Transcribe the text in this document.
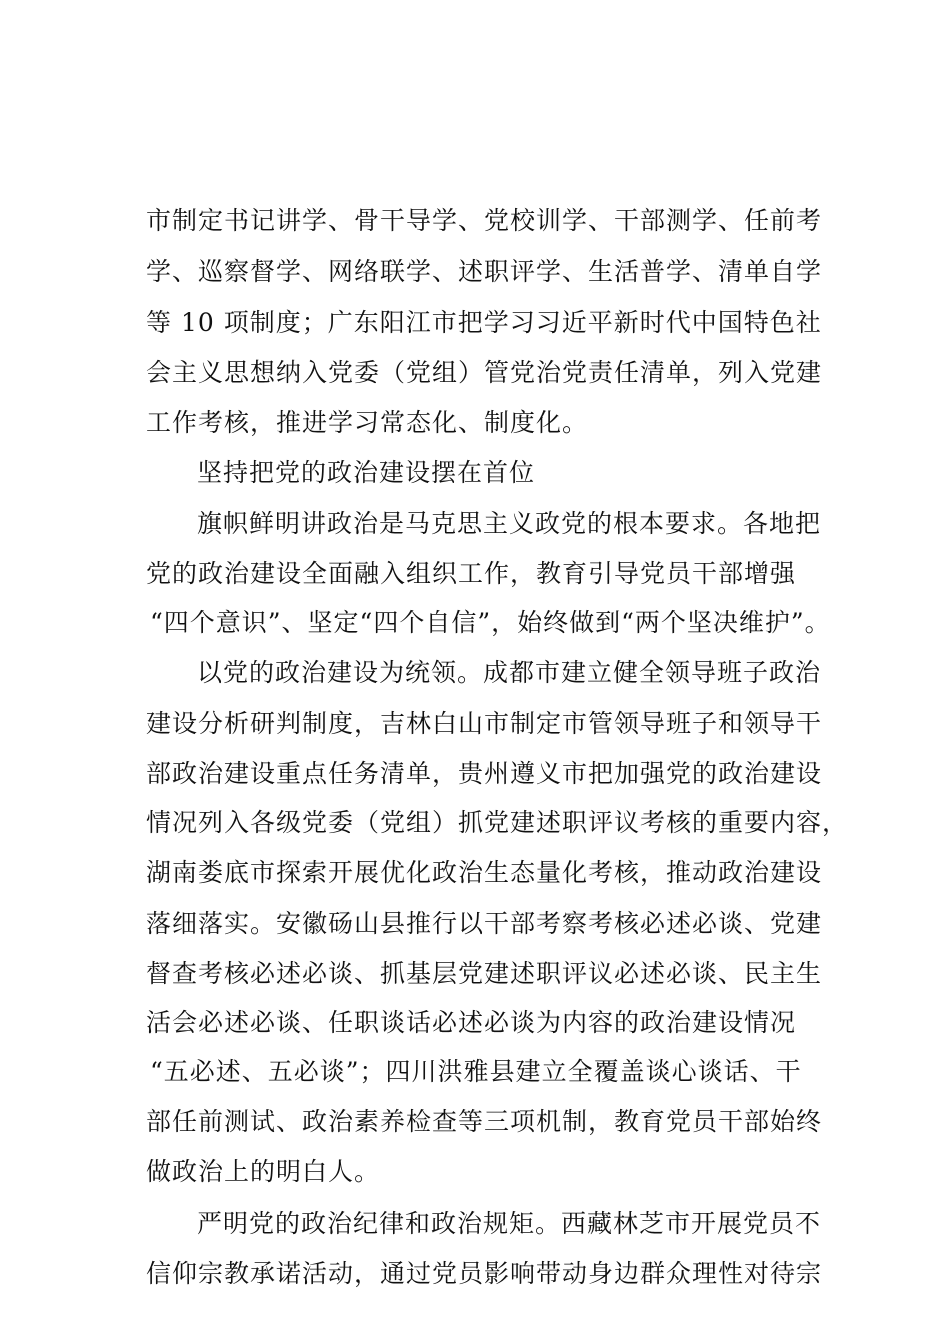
市制定书记讲学、骨干导学、党校训学、干部测学、任前考
学、巡察督学、网络联学、述职评学、生活普学、清单自学
等 10 项制度；广东阳江市把学习习近平新时代中国特色社
会主义思想纳入党委（党组）管党治党责任清单，列入党建
工作考核，推进学习常态化、制度化。
坚持把党的政治建设摆在首位
旗帜鲜明讲政治是马克思主义政党的根本要求。各地把
党的政治建设全面融入组织工作，教育引导党员干部增强
“四个意识”、坚定“四个自信”，始终做到“两个坚决维护”。
以党的政治建设为统领。成都市建立健全领导班子政治
建设分析研判制度，吉林白山市制定市管领导班子和领导干
部政治建设重点任务清单，贵州遵义市把加强党的政治建设
情况列入各级党委（党组）抓党建述职评议考核的重要内容，
湖南娄底市探索开展优化政治生态量化考核，推动政治建设
落细落实。安徽砀山县推行以干部考察考核必述必谈、党建
督查考核必述必谈、抓基层党建述职评议必述必谈、民主生
活会必述必谈、任职谈话必述必谈为内容的政治建设情况
“五必述、五必谈”；四川洪雅县建立全覆盖谈心谈话、干
部任前测试、政治素养检查等三项机制，教育党员干部始终
做政治上的明白人。
严明党的政治纪律和政治规矩。西藏林芝市开展党员不
信仰宗教承诺活动，通过党员影响带动身边群众理性对待宗
